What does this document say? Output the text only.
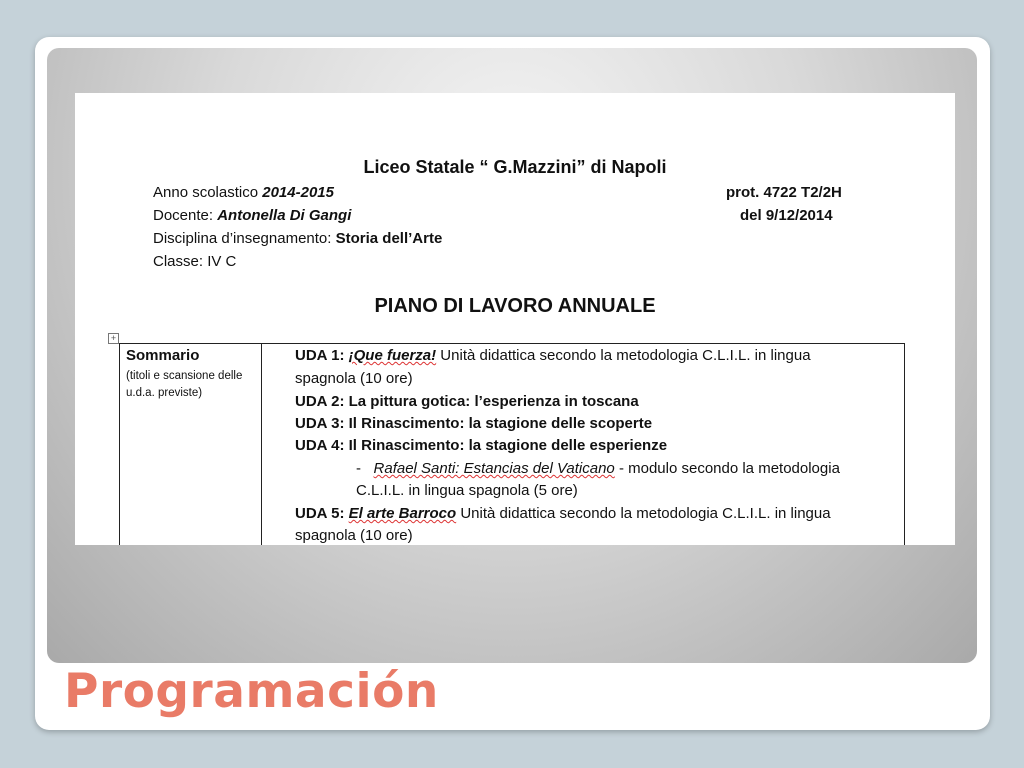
Liceo Statale “ G.Mazzini” di Napoli
Anno scolastico 2014-2015
Docente: Antonella Di Gangi
Disciplina d’insegnamento: Storia dell’Arte
Classe: IV C
prot. 4722 T2/2H
del 9/12/2014
PIANO DI LAVORO ANNUALE
+
Sommario
(titoli e scansione delle u.d.a. previste)
UDA 1: ¡Que fuerza! Unità didattica secondo la metodologia C.L.I.L. in lingua
spagnola (10 ore)
UDA 2: La pittura gotica: l’esperienza in toscana
UDA 3: Il Rinascimento: la stagione delle scoperte
UDA 4: Il Rinascimento: la stagione delle esperienze
- Rafael Santi: Estancias del Vaticano - modulo secondo la metodologia
C.L.I.L. in lingua spagnola (5 ore)
UDA 5: El arte Barroco Unità didattica secondo la metodologia C.L.I.L. in lingua
spagnola (10 ore)
Programación
